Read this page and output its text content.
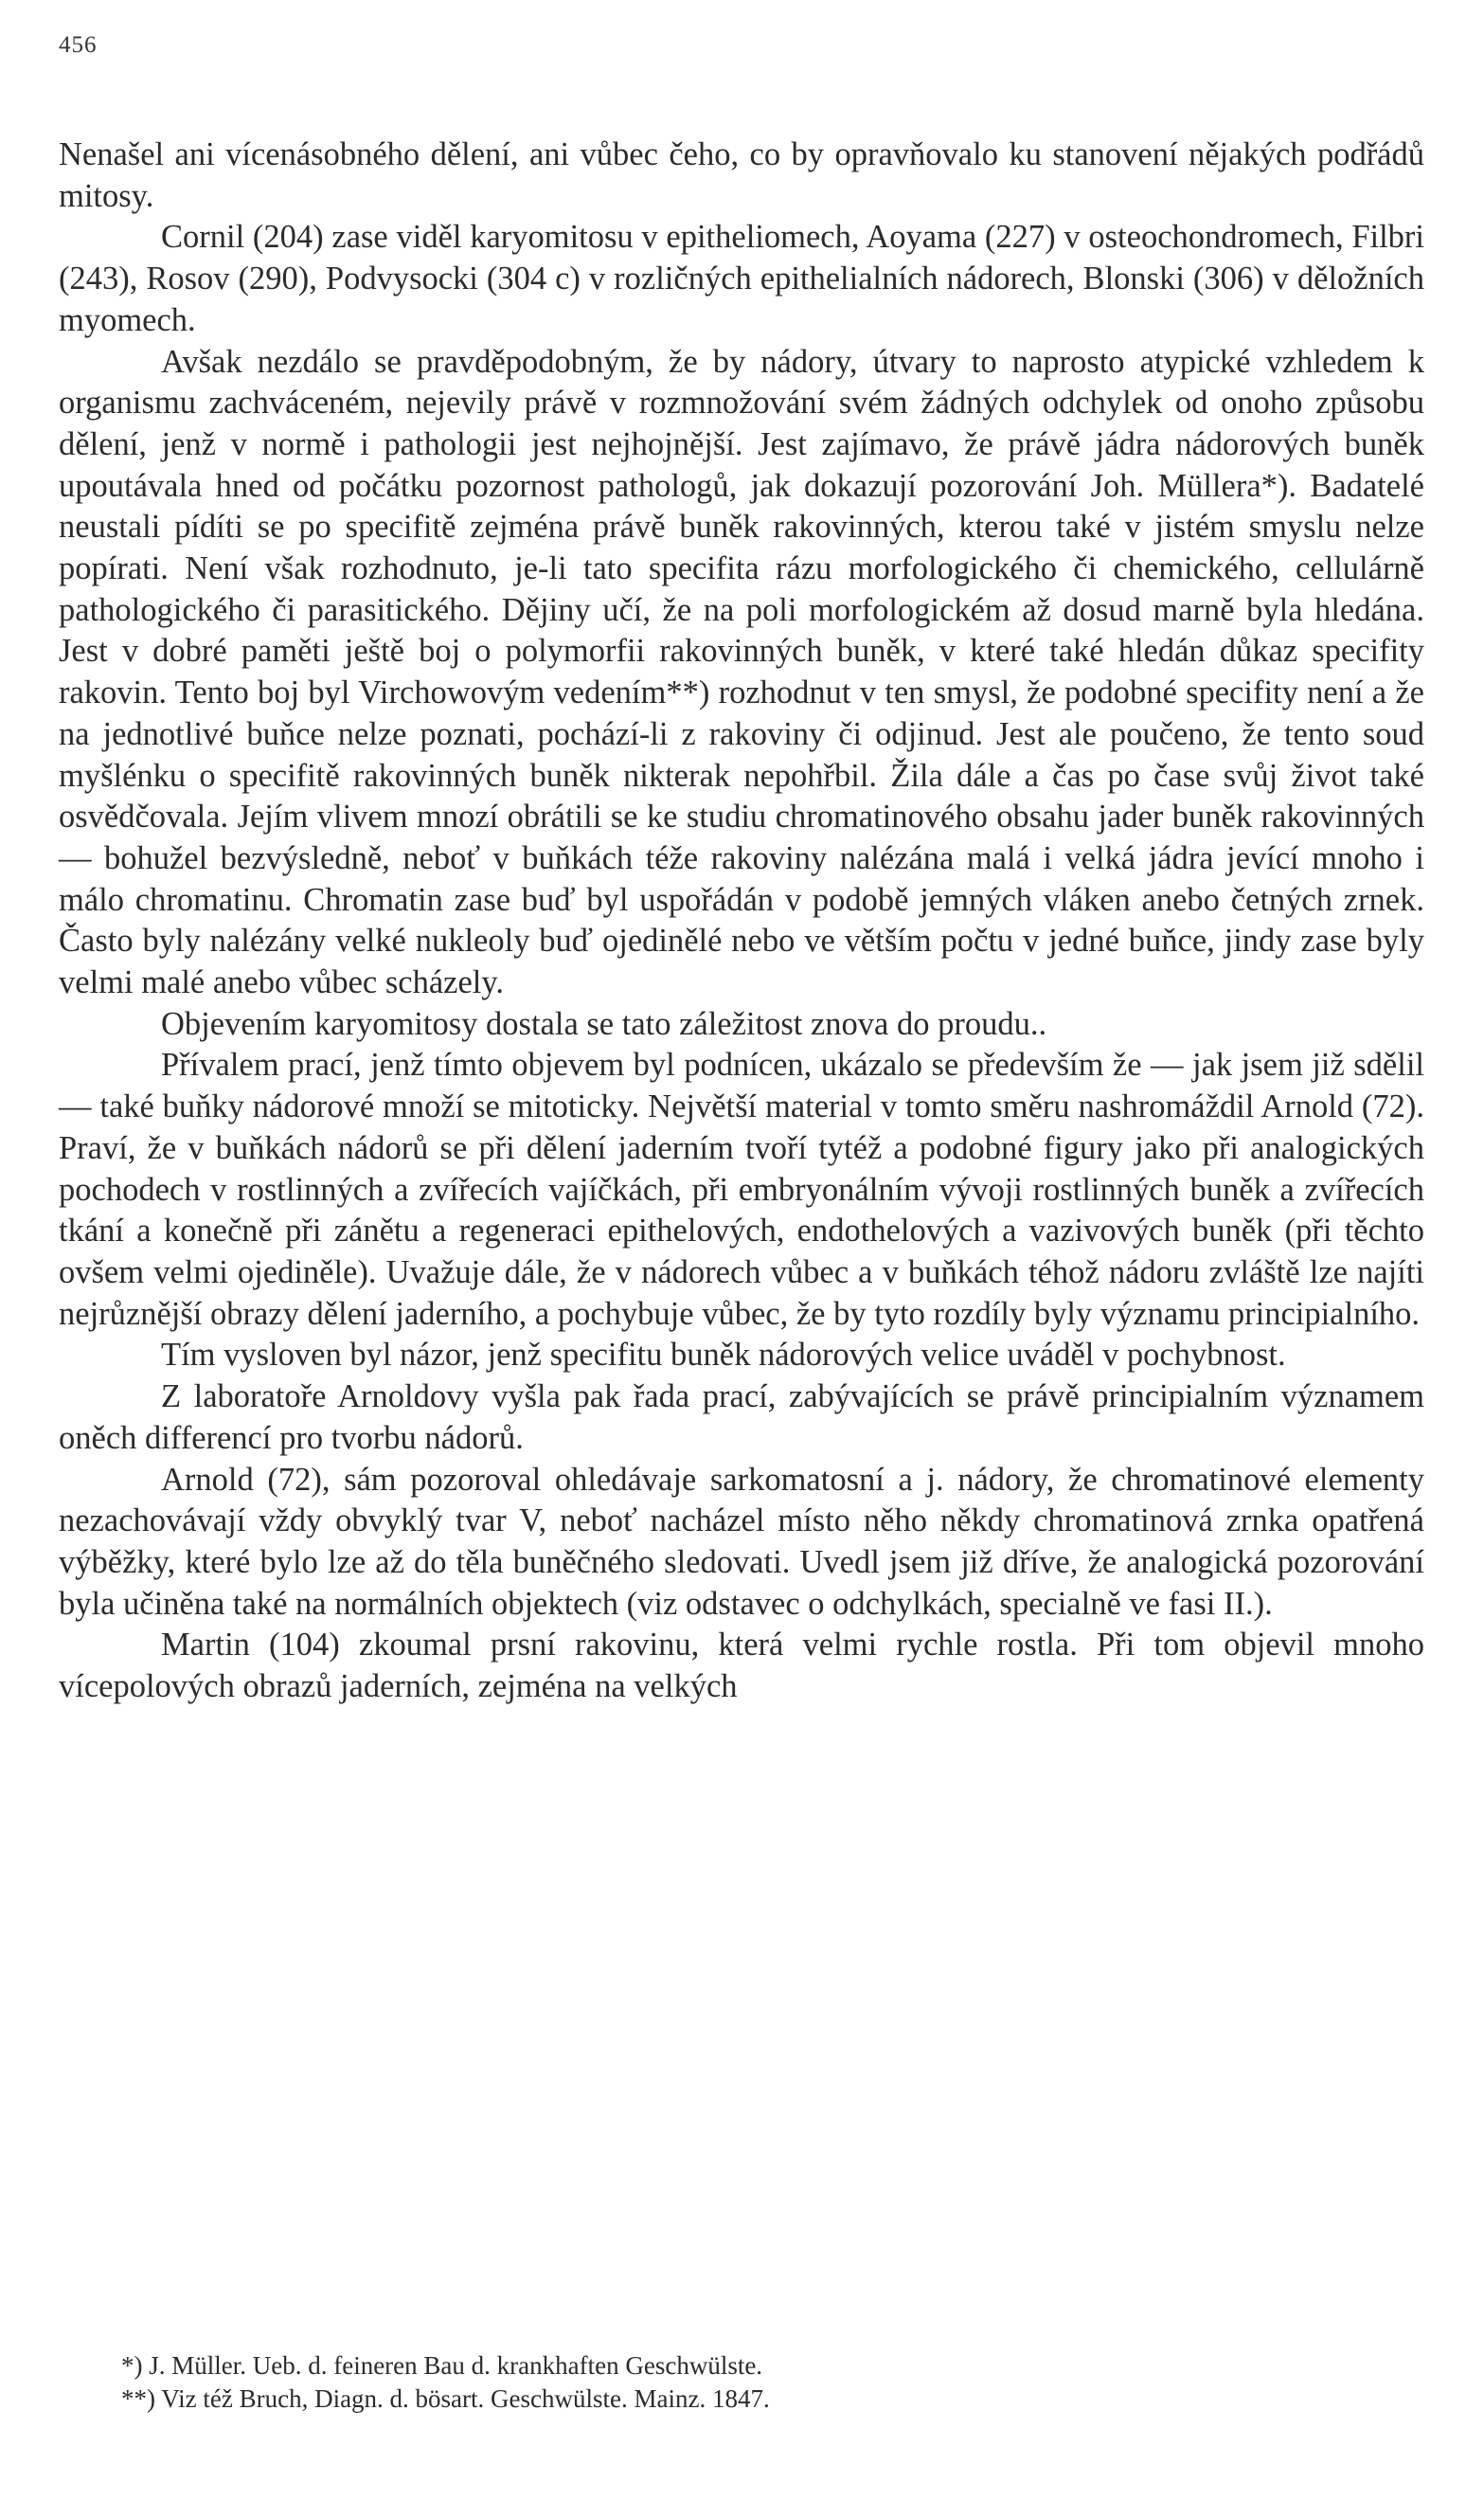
456

Nenašel ani vícenásobného dělení, ani vůbec čeho, co by opravňovalo ku stanovení nějakých podřádů mitosy.

Cornil (204) zase viděl karyomitosu v epitheliomech, Aoyama (227) v osteochondromech, Filbri (243), Rosov (290), Podvysocki (304 c) v rozličných epithelialních nádorech, Blonski (306) v děložních myomech.

Avšak nezdálo se pravděpodobným, že by nádory, útvary to naprosto atypické vzhledem k organismu zachváceném, nejevily právě v rozmnožování svém žádných odchylek od onoho způsobu dělení, jenž v normě i pathologii jest nejhojnější. Jest zajímavo, že právě jádra nádorových buněk upoutávala hned od počátku pozornost pathologů, jak dokazují pozorování Joh. Müllera*). Badatelé neustali pídíti se po specifitě zejména právě buněk rakovinných, kterou také v jistém smyslu nelze popírati. Není však rozhodnuto, je-li tato specifita rázu morfologického či chemického, cellulárně pathologického či parasitického. Dějiny učí, že na poli morfologickém až dosud marně byla hledána. Jest v dobré paměti ještě boj o polymorfii rakovinných buněk, v které také hledán důkaz specifity rakovin. Tento boj byl Virchowovým vedením**) rozhodnut v ten smysl, že podobné specifity není a že na jednotlivé buňce nelze poznati, pochází-li z rakoviny či odjinud. Jest ale poučeno, že tento soud myšlénku o specifitě rakovinných buněk nikterak nepohřbil. Žila dále a čas po čase svůj život také osvědčovala. Jejím vlivem mnozí obrátili se ke studiu chromatinového obsahu jader buněk rakovinných — bohužel bezvýsledně, neboť v buňkách téže rakoviny nalézána malá i velká jádra jevící mnoho i málo chromatinu. Chromatin zase buď byl uspořádán v podobě jemných vláken anebo četných zrnek. Často byly nalézány velké nukleoly buď ojedinělé nebo ve větším počtu v jedné buňce, jindy zase byly velmi malé anebo vůbec scházely.

Objevením karyomitosy dostala se tato záležitost znova do proudu..

Přívalem prací, jenž tímto objevem byl podnícen, ukázalo se především že — jak jsem již sdělil — také buňky nádorové množí se mitoticky. Největší material v tomto směru nashromáždil Arnold (72). Praví, že v buňkách nádorů se při dělení jaderním tvoří tytéž a podobné figury jako při analogických pochodech v rostlinných a zvířecích vajíčkách, při embryonálním vývoji rostlinných buněk a zvířecích tkání a konečně při zánětu a regeneraci epithelových, endothelových a vazivových buněk (při těchto ovšem velmi ojediněle). Uvažuje dále, že v nádorech vůbec a v buňkách téhož nádoru zvláště lze najíti nejrůznější obrazy dělení jaderního, a pochybuje vůbec, že by tyto rozdíly byly významu principialního.

Tím vysloven byl názor, jenž specifitu buněk nádorových velice uváděl v pochybnost.

Z laboratoře Arnoldovy vyšla pak řada prací, zabývajících se právě principialním významem oněch differencí pro tvorbu nádorů.

Arnold (72), sám pozoroval ohledávaje sarkomatosní a j. nádory, že chromatinové elementy nezachovávají vždy obvyklý tvar V, neboť nacházel místo něho někdy chromatinová zrnka opatřená výběžky, které bylo lze až do těla buněčného sledovati. Uvedl jsem již dříve, že analogická pozorování byla učiněna také na normálních objektech (viz odstavec o odchylkách, specialně ve fasi II.).

Martin (104) zkoumal prsní rakovinu, která velmi rychle rostla. Při tom objevil mnoho vícepolových obrazů jaderních, zejména na velkých

*) J. Müller. Ueb. d. feineren Bau d. krankhaften Geschwülste.
**) Viz též Bruch, Diagn. d. bösart. Geschwülste. Mainz. 1847.
